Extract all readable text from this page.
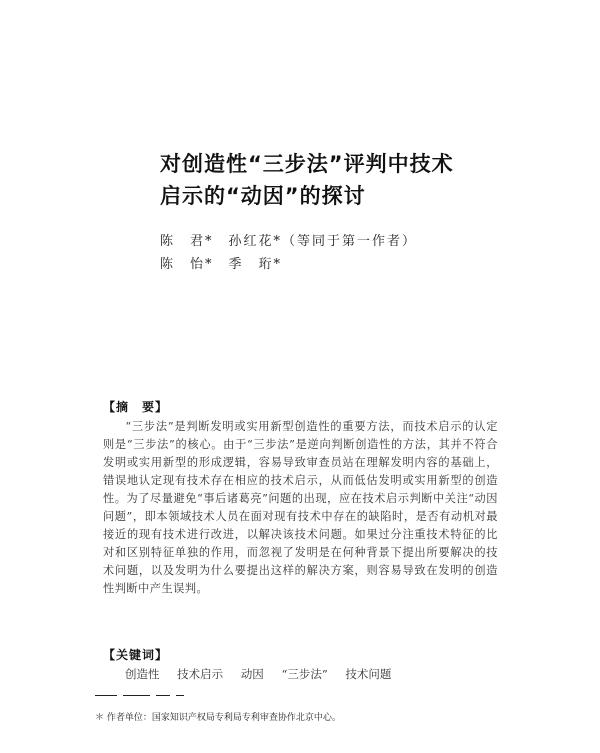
对创造性“三步法”评判中技术
启示的“动因”的探讨
陈　君*　孙红花*（等同于第一作者）
陈　怡*　季　珩*
【摘　要】
“三步法”是判断发明或实用新型创造性的重要方法，而技术启示的认定则是“三步法”的核心。由于“三步法”是逆向判断创造性的方法，其并不符合发明或实用新型的形成逻辑，容易导致审查员站在理解发明内容的基础上，错误地认定现有技术存在相应的技术启示，从而低估发明或实用新型的创造性。为了尽量避免“事后诸葛亮”问题的出现，应在技术启示判断中关注“动因问题”，即本领域技术人员在面对现有技术中存在的缺陷时，是否有动机对最接近的现有技术进行改进，以解决该技术问题。如果过分注重技术特征的比对和区别特征单独的作用，而忽视了发明是在何种背景下提出所要解决的技术问题，以及发明为什么要提出这样的解决方案，则容易导致在发明的创造性判断中产生误判。
【关键词】
创造性 技术启示 动因 “三步法” 技术问题
＊ 作者单位：国家知识产权局专利局专利审查协作北京中心。
